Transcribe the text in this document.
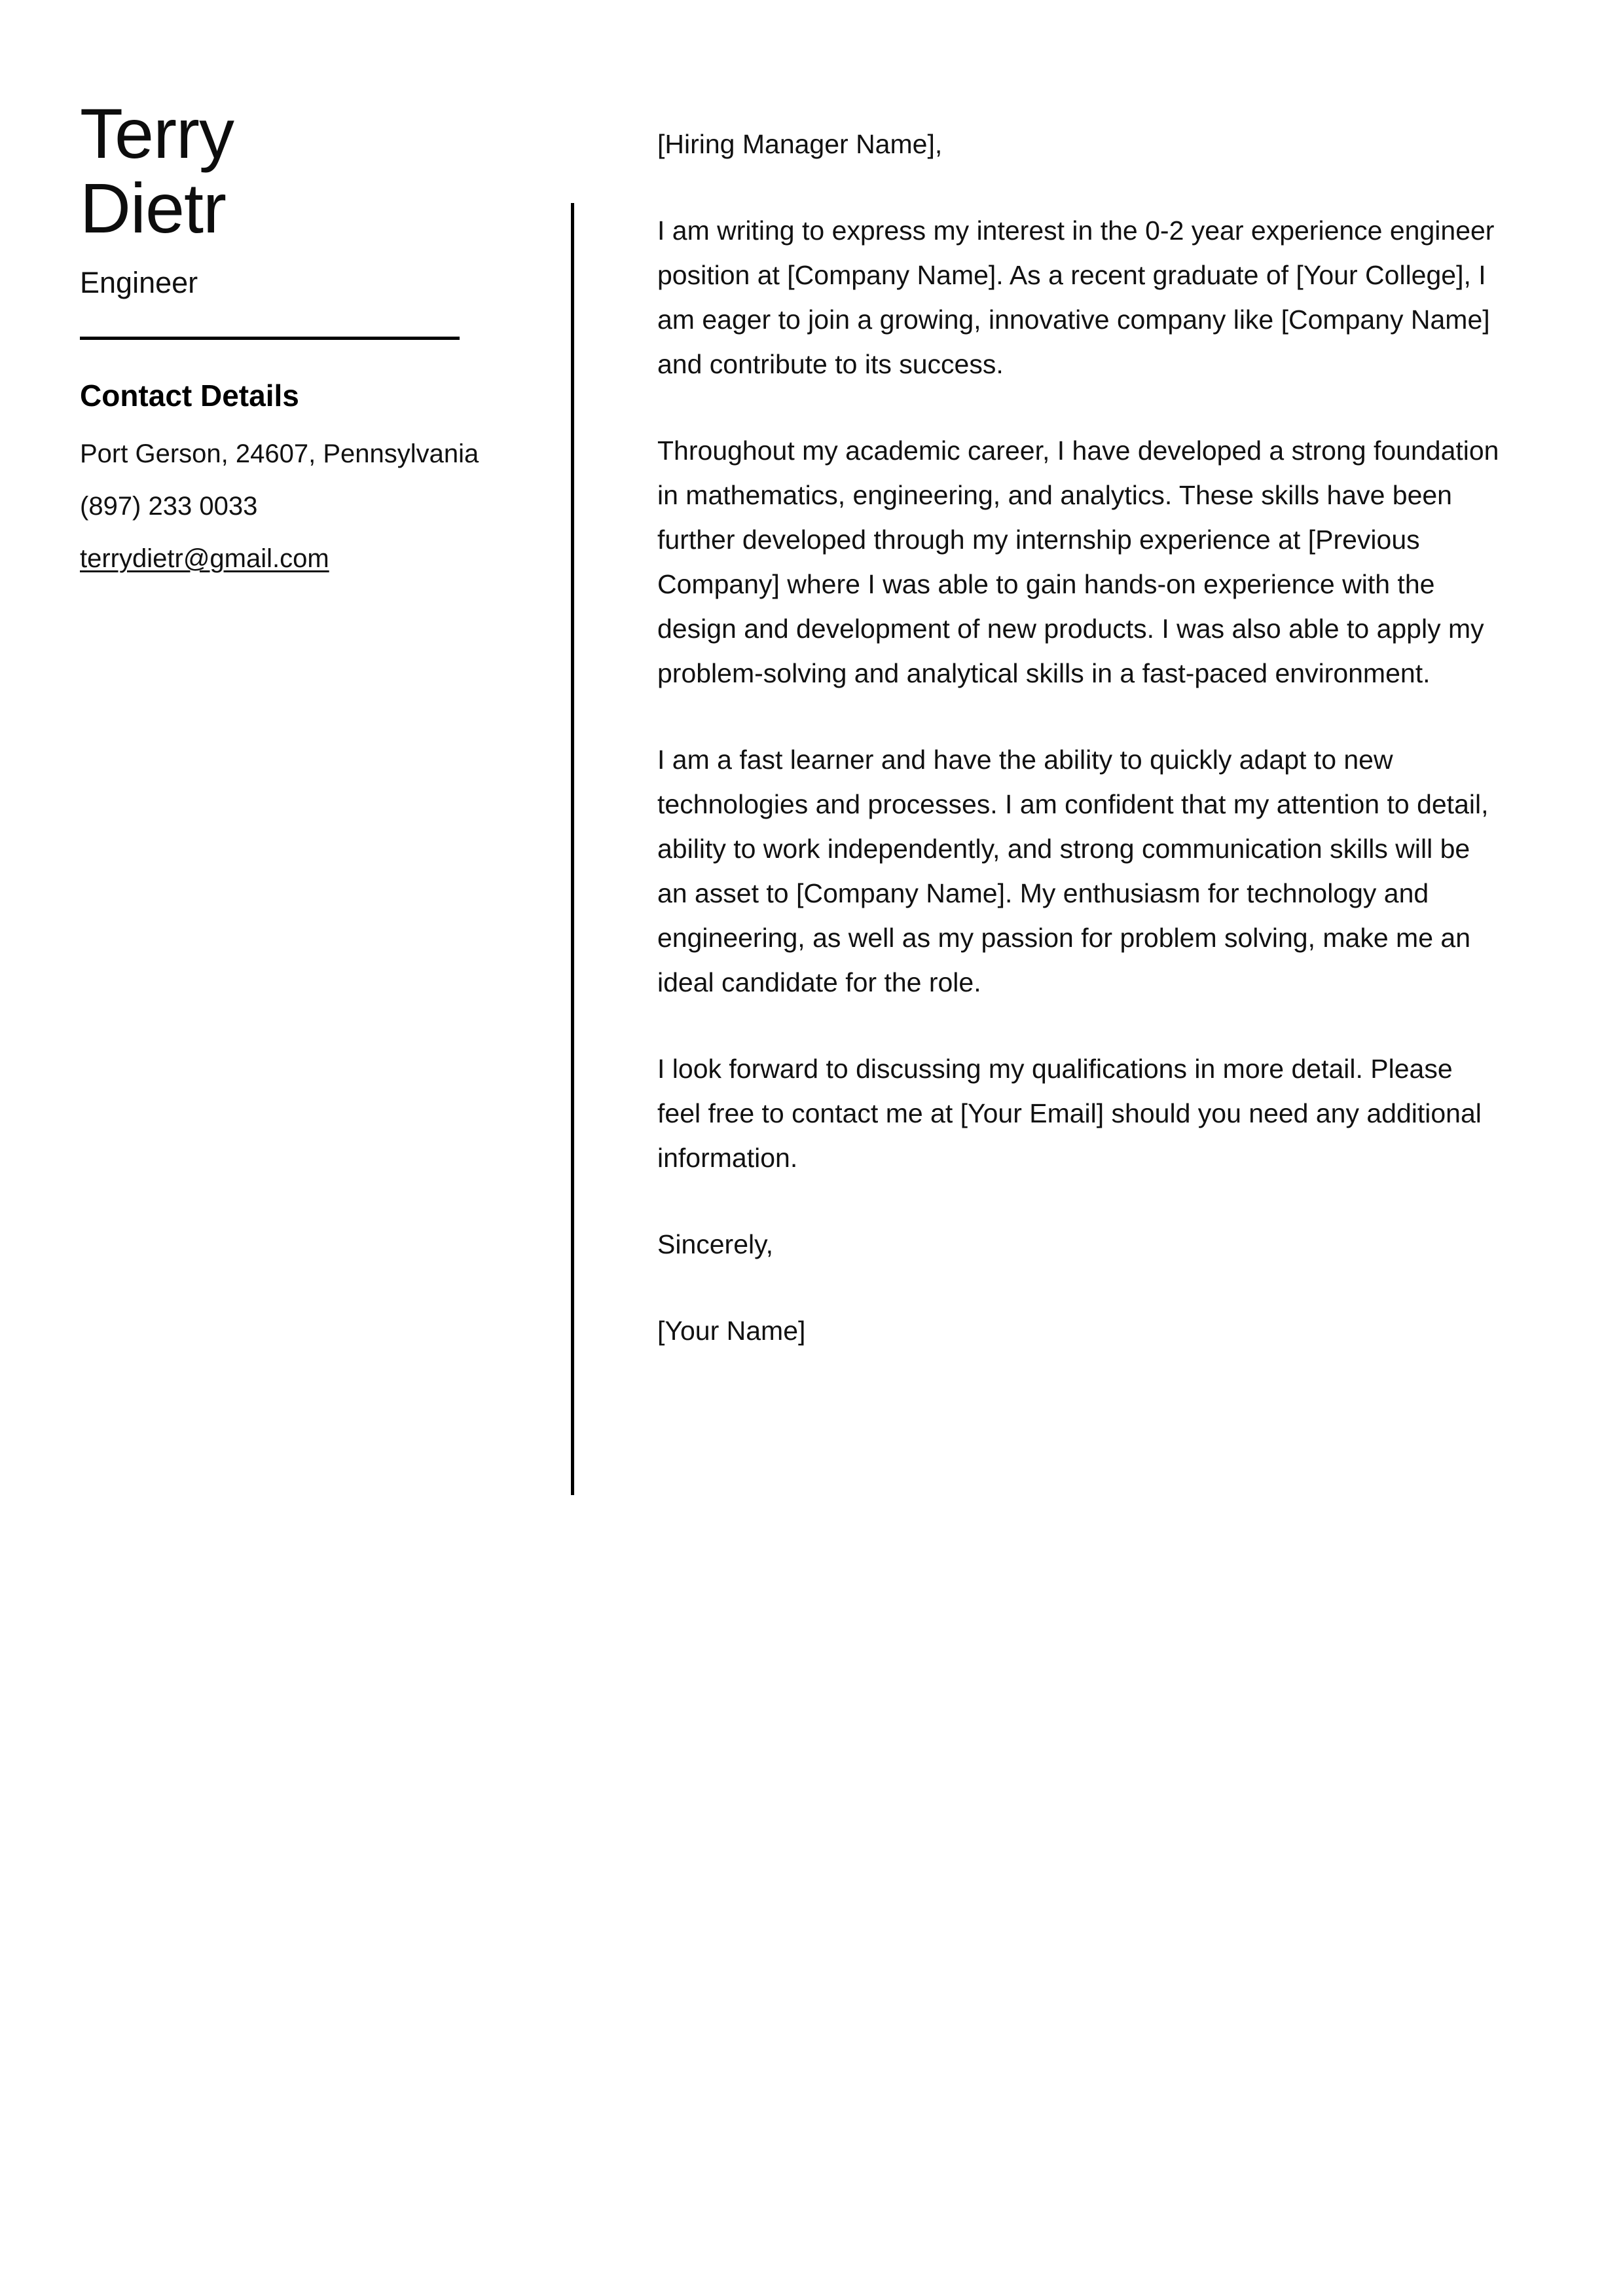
Terry
Dietr
Engineer
Contact Details
Port Gerson, 24607, Pennsylvania
(897) 233 0033
terrydietr@gmail.com

[Hiring Manager Name],

I am writing to express my interest in the 0-2 year experience engineer position at [Company Name]. As a recent graduate of [Your College], I am eager to join a growing, innovative company like [Company Name] and contribute to its success.

Throughout my academic career, I have developed a strong foundation in mathematics, engineering, and analytics. These skills have been further developed through my internship experience at [Previous Company] where I was able to gain hands-on experience with the design and development of new products. I was also able to apply my problem-solving and analytical skills in a fast-paced environment.

I am a fast learner and have the ability to quickly adapt to new technologies and processes. I am confident that my attention to detail, ability to work independently, and strong communication skills will be an asset to [Company Name]. My enthusiasm for technology and engineering, as well as my passion for problem solving, make me an ideal candidate for the role.

I look forward to discussing my qualifications in more detail. Please feel free to contact me at [Your Email] should you need any additional information.

Sincerely,

[Your Name]
